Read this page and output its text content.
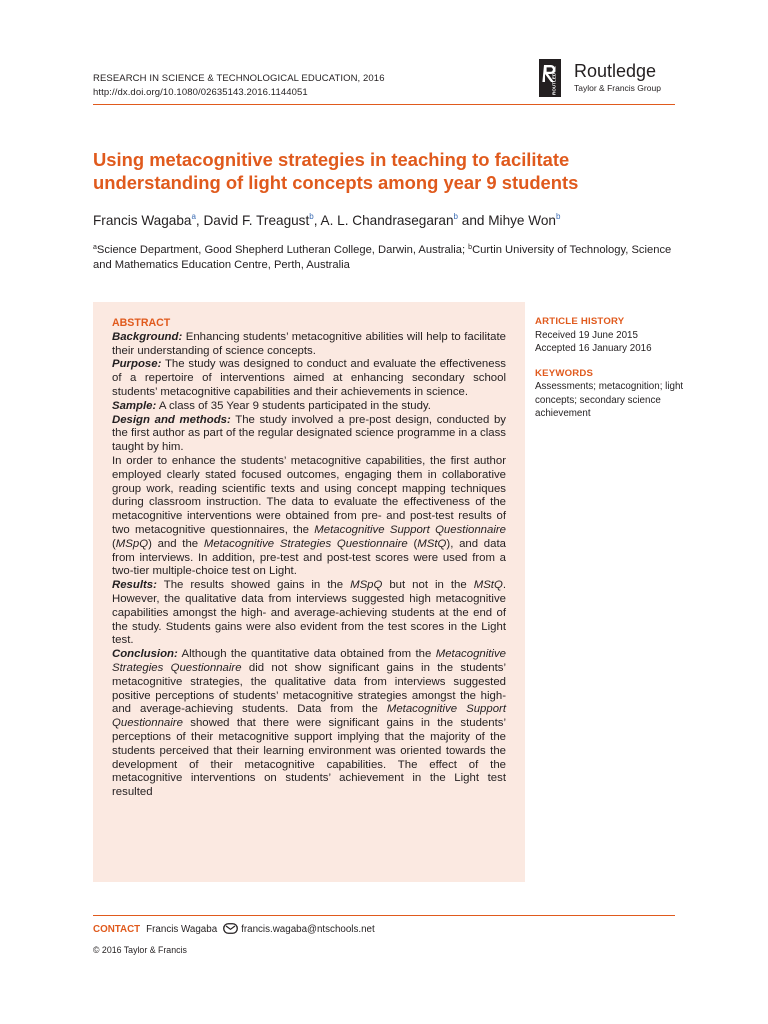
RESEARCH IN SCIENCE & TECHNOLOGICAL EDUCATION, 2016
http://dx.doi.org/10.1080/02635143.2016.1144051	ROUTLEDGE Routledge
Taylor & Francis Group
Using metacognitive strategies in teaching to facilitate understanding of light concepts among year 9 students
Francis Wagaba$^a$, David F. Treagust$^b$, A. L. Chandrasegaran$^b$ and Mihye Won$^b$
$^a$Science Department, Good Shepherd Lutheran College, Darwin, Australia; $^b$Curtin University of Technology, Science and Mathematics Education Centre, Perth, Australia

ABSTRACT

Background: Enhancing students’ metacognitive abilities will help to facilitate their understanding of science concepts.

Purpose: The study was designed to conduct and evaluate the effectiveness of a repertoire of interventions aimed at enhancing secondary school students’ metacognitive capabilities and their achievements in science.

Sample: A class of 35 Year 9 students participated in the study.

Design and methods: The study involved a pre-post design, conducted by the first author as part of the regular designated science programme in a class taught by him.

In order to enhance the students’ metacognitive capabilities, the first author employed clearly stated focused outcomes, engaging them in collaborative group work, reading scientific texts and using concept mapping techniques during classroom instruction. The data to evaluate the effectiveness of the metacognitive interventions were obtained from pre- and post-test results of two metacognitive questionnaires, the Metacognitive Support Questionnaire (MSpQ) and the Metacognitive Strategies Questionnaire (MStQ), and data from interviews. In addition, pre-test and post-test scores were used from a two-tier multiple-choice test on Light.

Results: The results showed gains in the MSpQ but not in the MStQ. However, the qualitative data from interviews suggested high metacognitive capabilities amongst the high- and average-achieving students at the end of the study. Students gains were also evident from the test scores in the Light test.

Conclusion: Although the quantitative data obtained from the Metacognitive Strategies Questionnaire did not show significant gains in the students’ metacognitive strategies, the qualitative data from interviews suggested positive perceptions of students’ metacognitive strategies amongst the high- and average-achieving students. Data from the Metacognitive Support Questionnaire showed that there were significant gains in the students’ perceptions of their metacognitive support implying that the majority of the students perceived that their learning environment was oriented towards the development of their metacognitive capabilities. The effect of the metacognitive interventions on students’ achievement in the Light test resulted

ARTICLE HISTORY
Received 19 June 2015
Accepted 16 January 2016
KEYWORDS
Assessments; metacognition; light concepts; secondary science achievement
CONTACT Francis Wagaba francis.wagaba@ntschools.net
© 2016 Taylor & Francis
